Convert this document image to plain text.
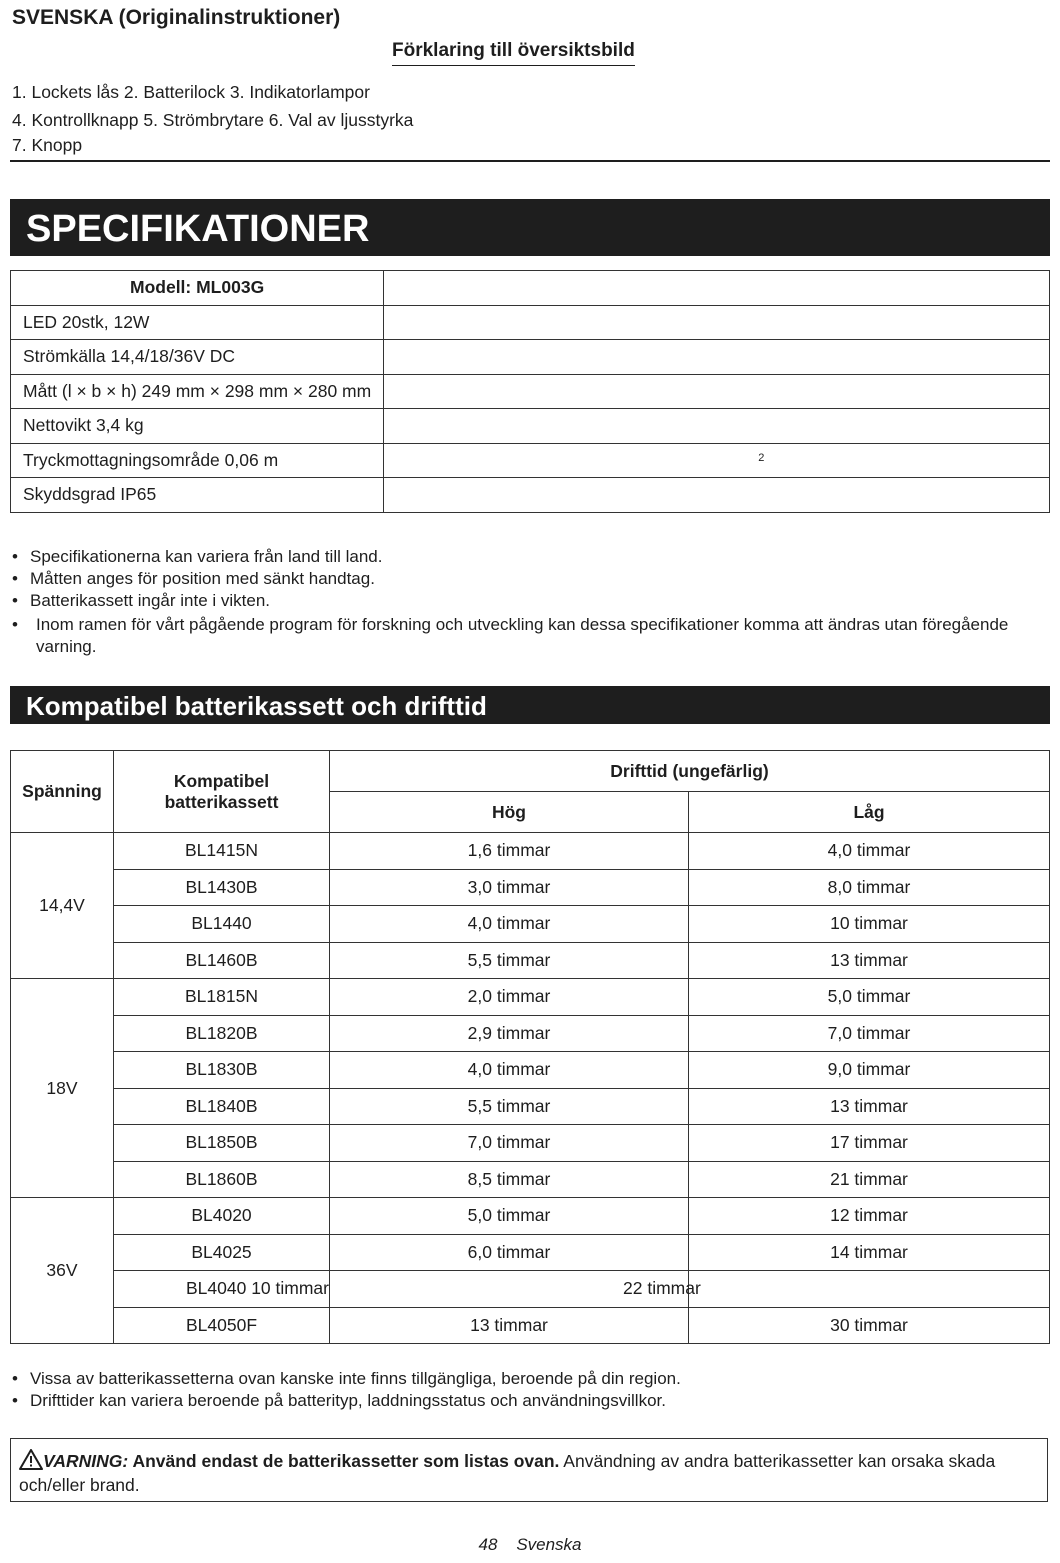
SVENSKA (Originalinstruktioner)
Förklaring till översiktsbild
1. Lockets lås 2. Batterilock 3. Indikatorlampor
4. Kontrollknapp 5. Strömbrytare 6. Val av ljusstyrka
7. Knopp
SPECIFIKATIONER
Modell: ML003G	
LED 20stk, 12W	
Strömkälla 14,4/18/36V DC	
Mått (l × b × h) 249 mm × 298 mm × 280 mm	
Nettovikt 3,4 kg	
Tryckmottagningsområde 0,06 m	2

Skyddsgrad IP65	
• Specifikationerna kan variera från land till land.
• Måtten anges för position med sänkt handtag.
• Batterikassett ingår inte i vikten.
•	Inom ramen för vårt pågående program för forskning och utveckling kan dessa specifikationer komma att ändras utan föregående varning.
Kompatibel batterikassett och drifttid
Spänning	Kompatibel batterikassett	Drifttid (ungefärlig)	
		Hög	Låg
14,4V	BL1415N	1,6 timmar	4,0 timmar
	BL1430B	3,0 timmar	8,0 timmar
	BL1440	4,0 timmar	10 timmar
	BL1460B	5,5 timmar	13 timmar
18V	BL1815N	2,0 timmar	5,0 timmar
	BL1820B	2,9 timmar	7,0 timmar
	BL1830B	4,0 timmar	9,0 timmar
	BL1840B	5,5 timmar	13 timmar
	BL1850B	7,0 timmar	17 timmar
	BL1860B	8,5 timmar	21 timmar
36V	BL4020	5,0 timmar	12 timmar
	BL4025	6,0 timmar	14 timmar
	BL4040 10 timmar		22 timmar
	BL4050F	13 timmar	30 timmar
• Vissa av batterikassetterna ovan kanske inte finns tillgängliga, beroende på din region.
• Drifttider kan variera beroende på batterityp, laddningsstatus och användningsvillkor.
VARNING: Använd endast de batterikassetter som listas ovan. Användning av andra batterikassetter kan orsaka skada och/eller brand.
48 Svenska
